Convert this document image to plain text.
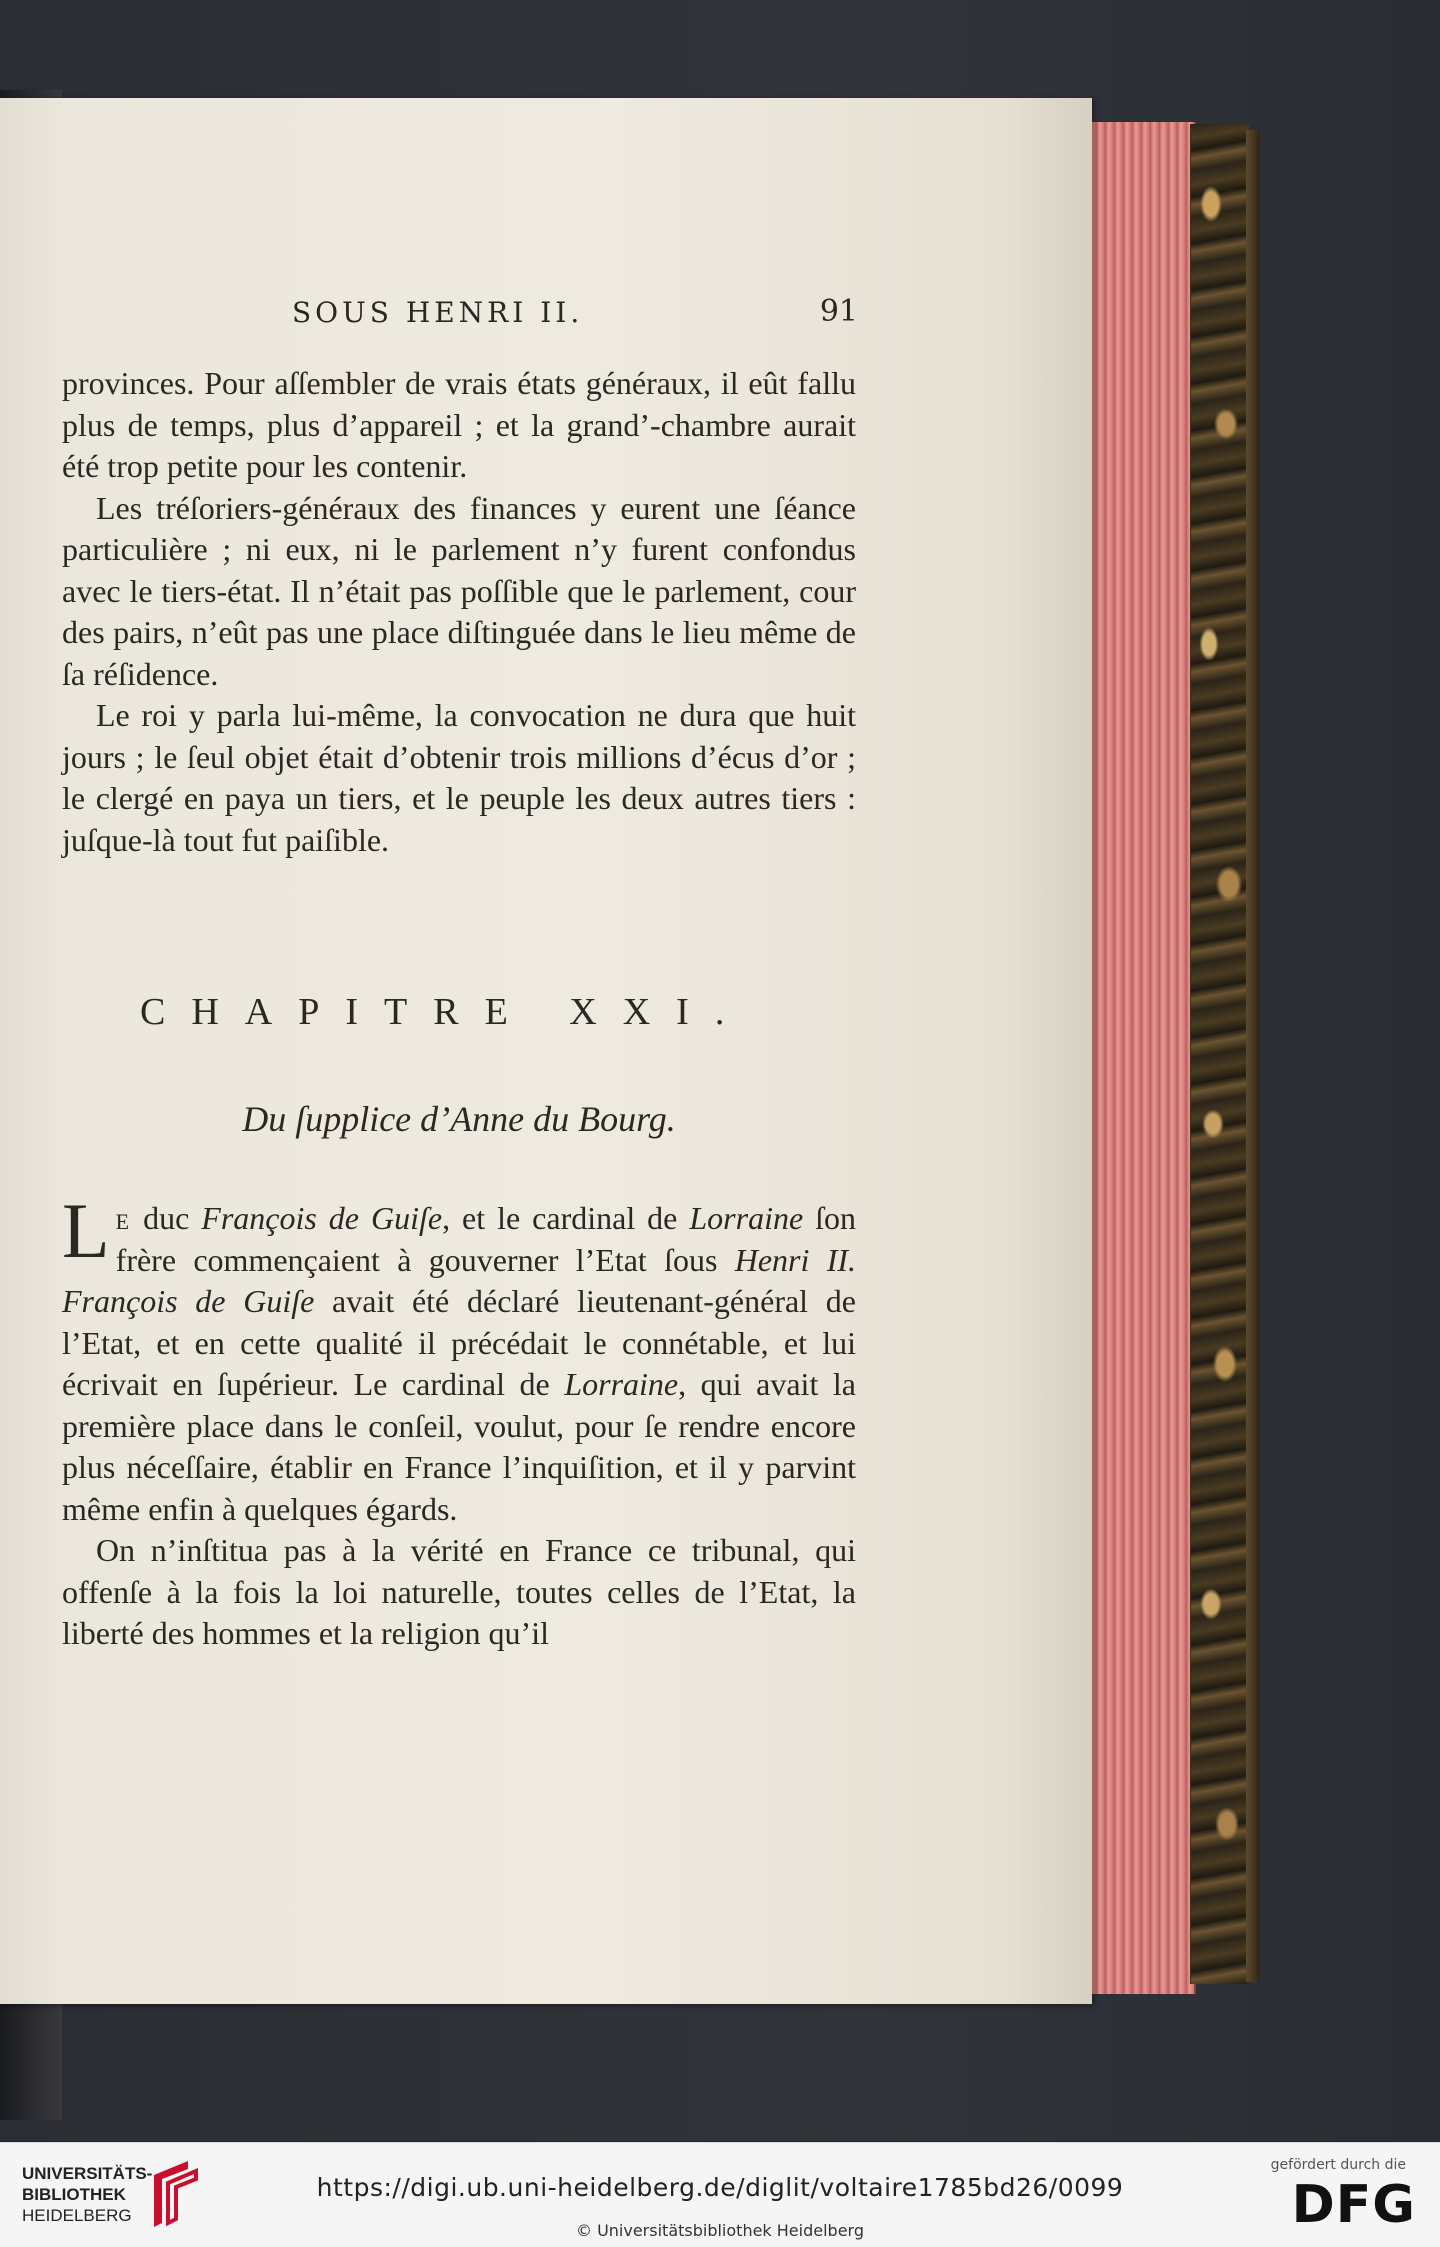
SOUS HENRI II.	91

provinces. Pour aſſembler de vrais états généraux, il eût fallu plus de temps, plus d’appareil ; et la grand’-chambre aurait été trop petite pour les contenir.

Les tréſoriers-généraux des finances y eurent une ſéance particulière ; ni eux, ni le parlement n’y furent confondus avec le tiers-état. Il n’était pas poſſible que le parlement, cour des pairs, n’eût pas une place diſtinguée dans le lieu même de ſa réſidence.

Le roi y parla lui-même, la convocation ne dura que huit jours ; le ſeul objet était d’obtenir trois millions d’écus d’or ; le clergé en paya un tiers, et le peuple les deux autres tiers : juſque-là tout fut paiſible.

CHAPITRE XXI.
Du ſupplice d’Anne du Bourg.

Le duc François de Guiſe, et le cardinal de Lorraine ſon frère commençaient à gouverner l’Etat ſous Henri II. François de Guiſe avait été déclaré lieutenant-général de l’Etat, et en cette qualité il précédait le connétable, et lui écrivait en ſupérieur. Le cardinal de Lorraine, qui avait la première place dans le conſeil, voulut, pour ſe rendre encore plus néceſſaire, établir en France l’inquiſition, et il y parvint même enfin à quelques égards.

On n’inſtitua pas à la vérité en France ce tribunal, qui offenſe à la fois la loi naturelle, toutes celles de l’Etat, la liberté des hommes et la religion qu’il

UNIVERSITÄTS-
BIBLIOTHEK
HEIDELBERG
https://digi.ub.uni-heidelberg.de/diglit/voltaire1785bd26/0099
© Universitätsbibliothek Heidelberg
gefördert durch die
DFG
